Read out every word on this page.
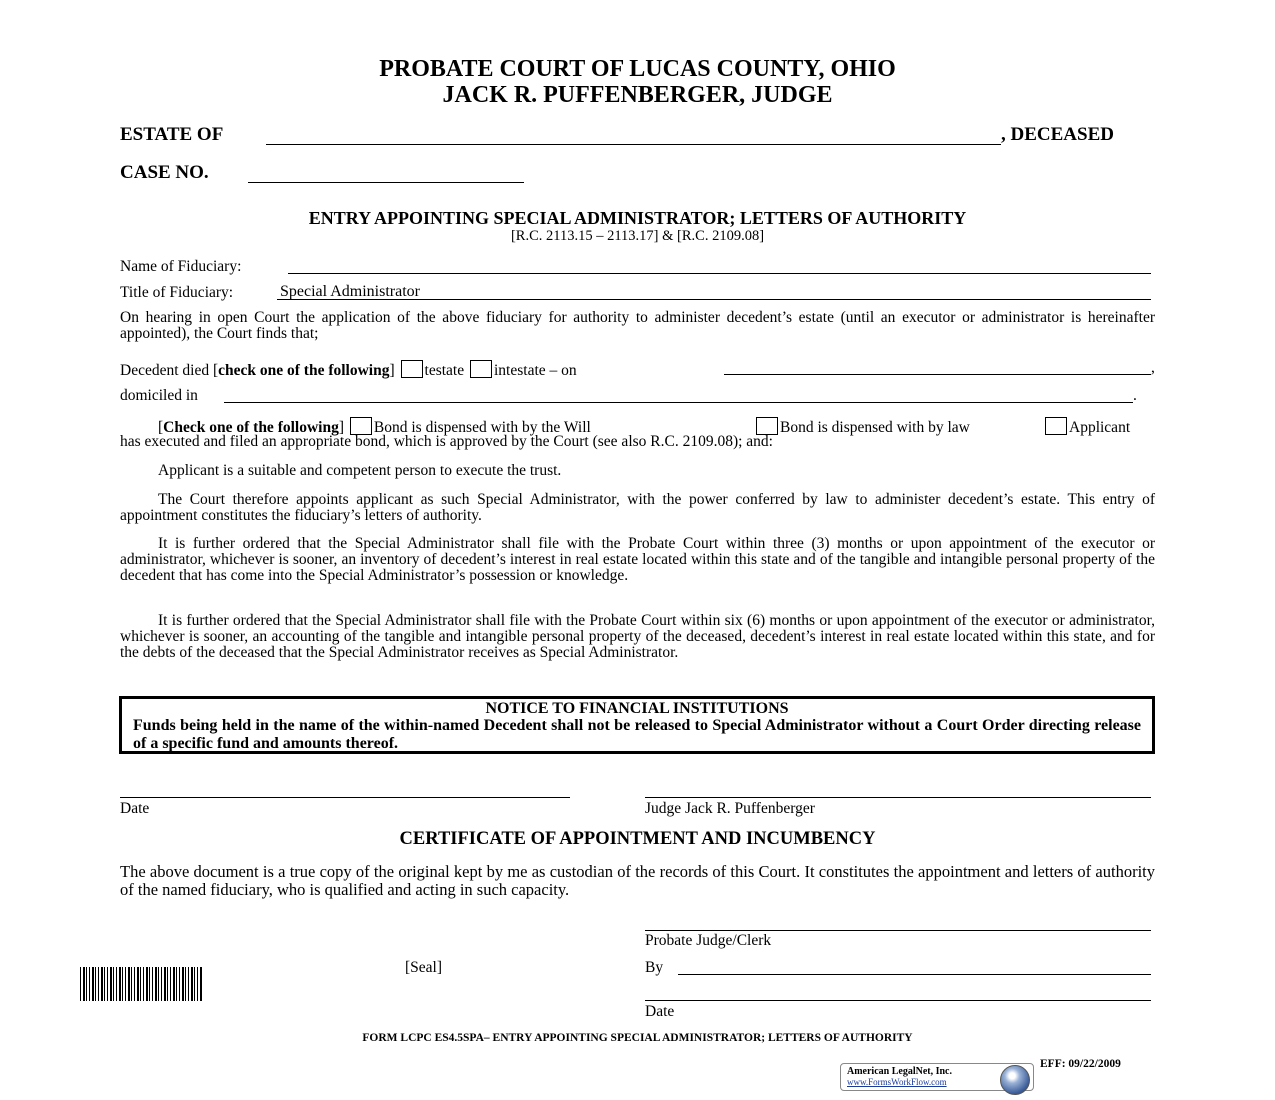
PROBATE COURT OF LUCAS COUNTY, OHIO
JACK R. PUFFENBERGER, JUDGE
ESTATE OF	, DECEASED
CASE NO.
ENTRY APPOINTING SPECIAL ADMINISTRATOR; LETTERS OF AUTHORITY
[R.C. 2113.15 – 2113.17] & [R.C. 2109.08]
Name of Fiduciary:
Title of Fiduciary:	Special Administrator
On hearing in open Court the application of the above fiduciary for authority to administer decedent’s estate (until an executor or administrator is hereinafter appointed), the Court finds that;
Decedent died [check one of the following] testate intestate – on	,
domiciled in	.
[Check one of the following] Bond is dispensed with by the Will	Bond is dispensed with by law	Applicant
has executed and filed an appropriate bond, which is approved by the Court (see also R.C. 2109.08); and:
Applicant is a suitable and competent person to execute the trust.
The Court therefore appoints applicant as such Special Administrator, with the power conferred by law to administer decedent’s estate. This entry of appointment constitutes the fiduciary’s letters of authority.
It is further ordered that the Special Administrator shall file with the Probate Court within three (3) months or upon appointment of the executor or administrator, whichever is sooner, an inventory of decedent’s interest in real estate located within this state and of the tangible and intangible personal property of the decedent that has come into the Special Administrator’s possession or knowledge.
It is further ordered that the Special Administrator shall file with the Probate Court within six (6) months or upon appointment of the executor or administrator, whichever is sooner, an accounting of the tangible and intangible personal property of the deceased, decedent’s interest in real estate located within this state, and for the debts of the deceased that the Special Administrator receives as Special Administrator.
NOTICE TO FINANCIAL INSTITUTIONS
Funds being held in the name of the within-named Decedent shall not be released to Special Administrator without a Court Order directing release of a specific fund and amounts thereof.
Date	Judge Jack R. Puffenberger
CERTIFICATE OF APPOINTMENT AND INCUMBENCY
The above document is a true copy of the original kept by me as custodian of the records of this Court. It constitutes the appointment and letters of authority of the named fiduciary, who is qualified and acting in such capacity.
Probate Judge/Clerk
[Seal]	By
Date
FORM LCPC ES4.5SPA– ENTRY APPOINTING SPECIAL ADMINISTRATOR; LETTERS OF AUTHORITY
EFF: 09/22/2009
American LegalNet, Inc.
www.FormsWorkFlow.com
